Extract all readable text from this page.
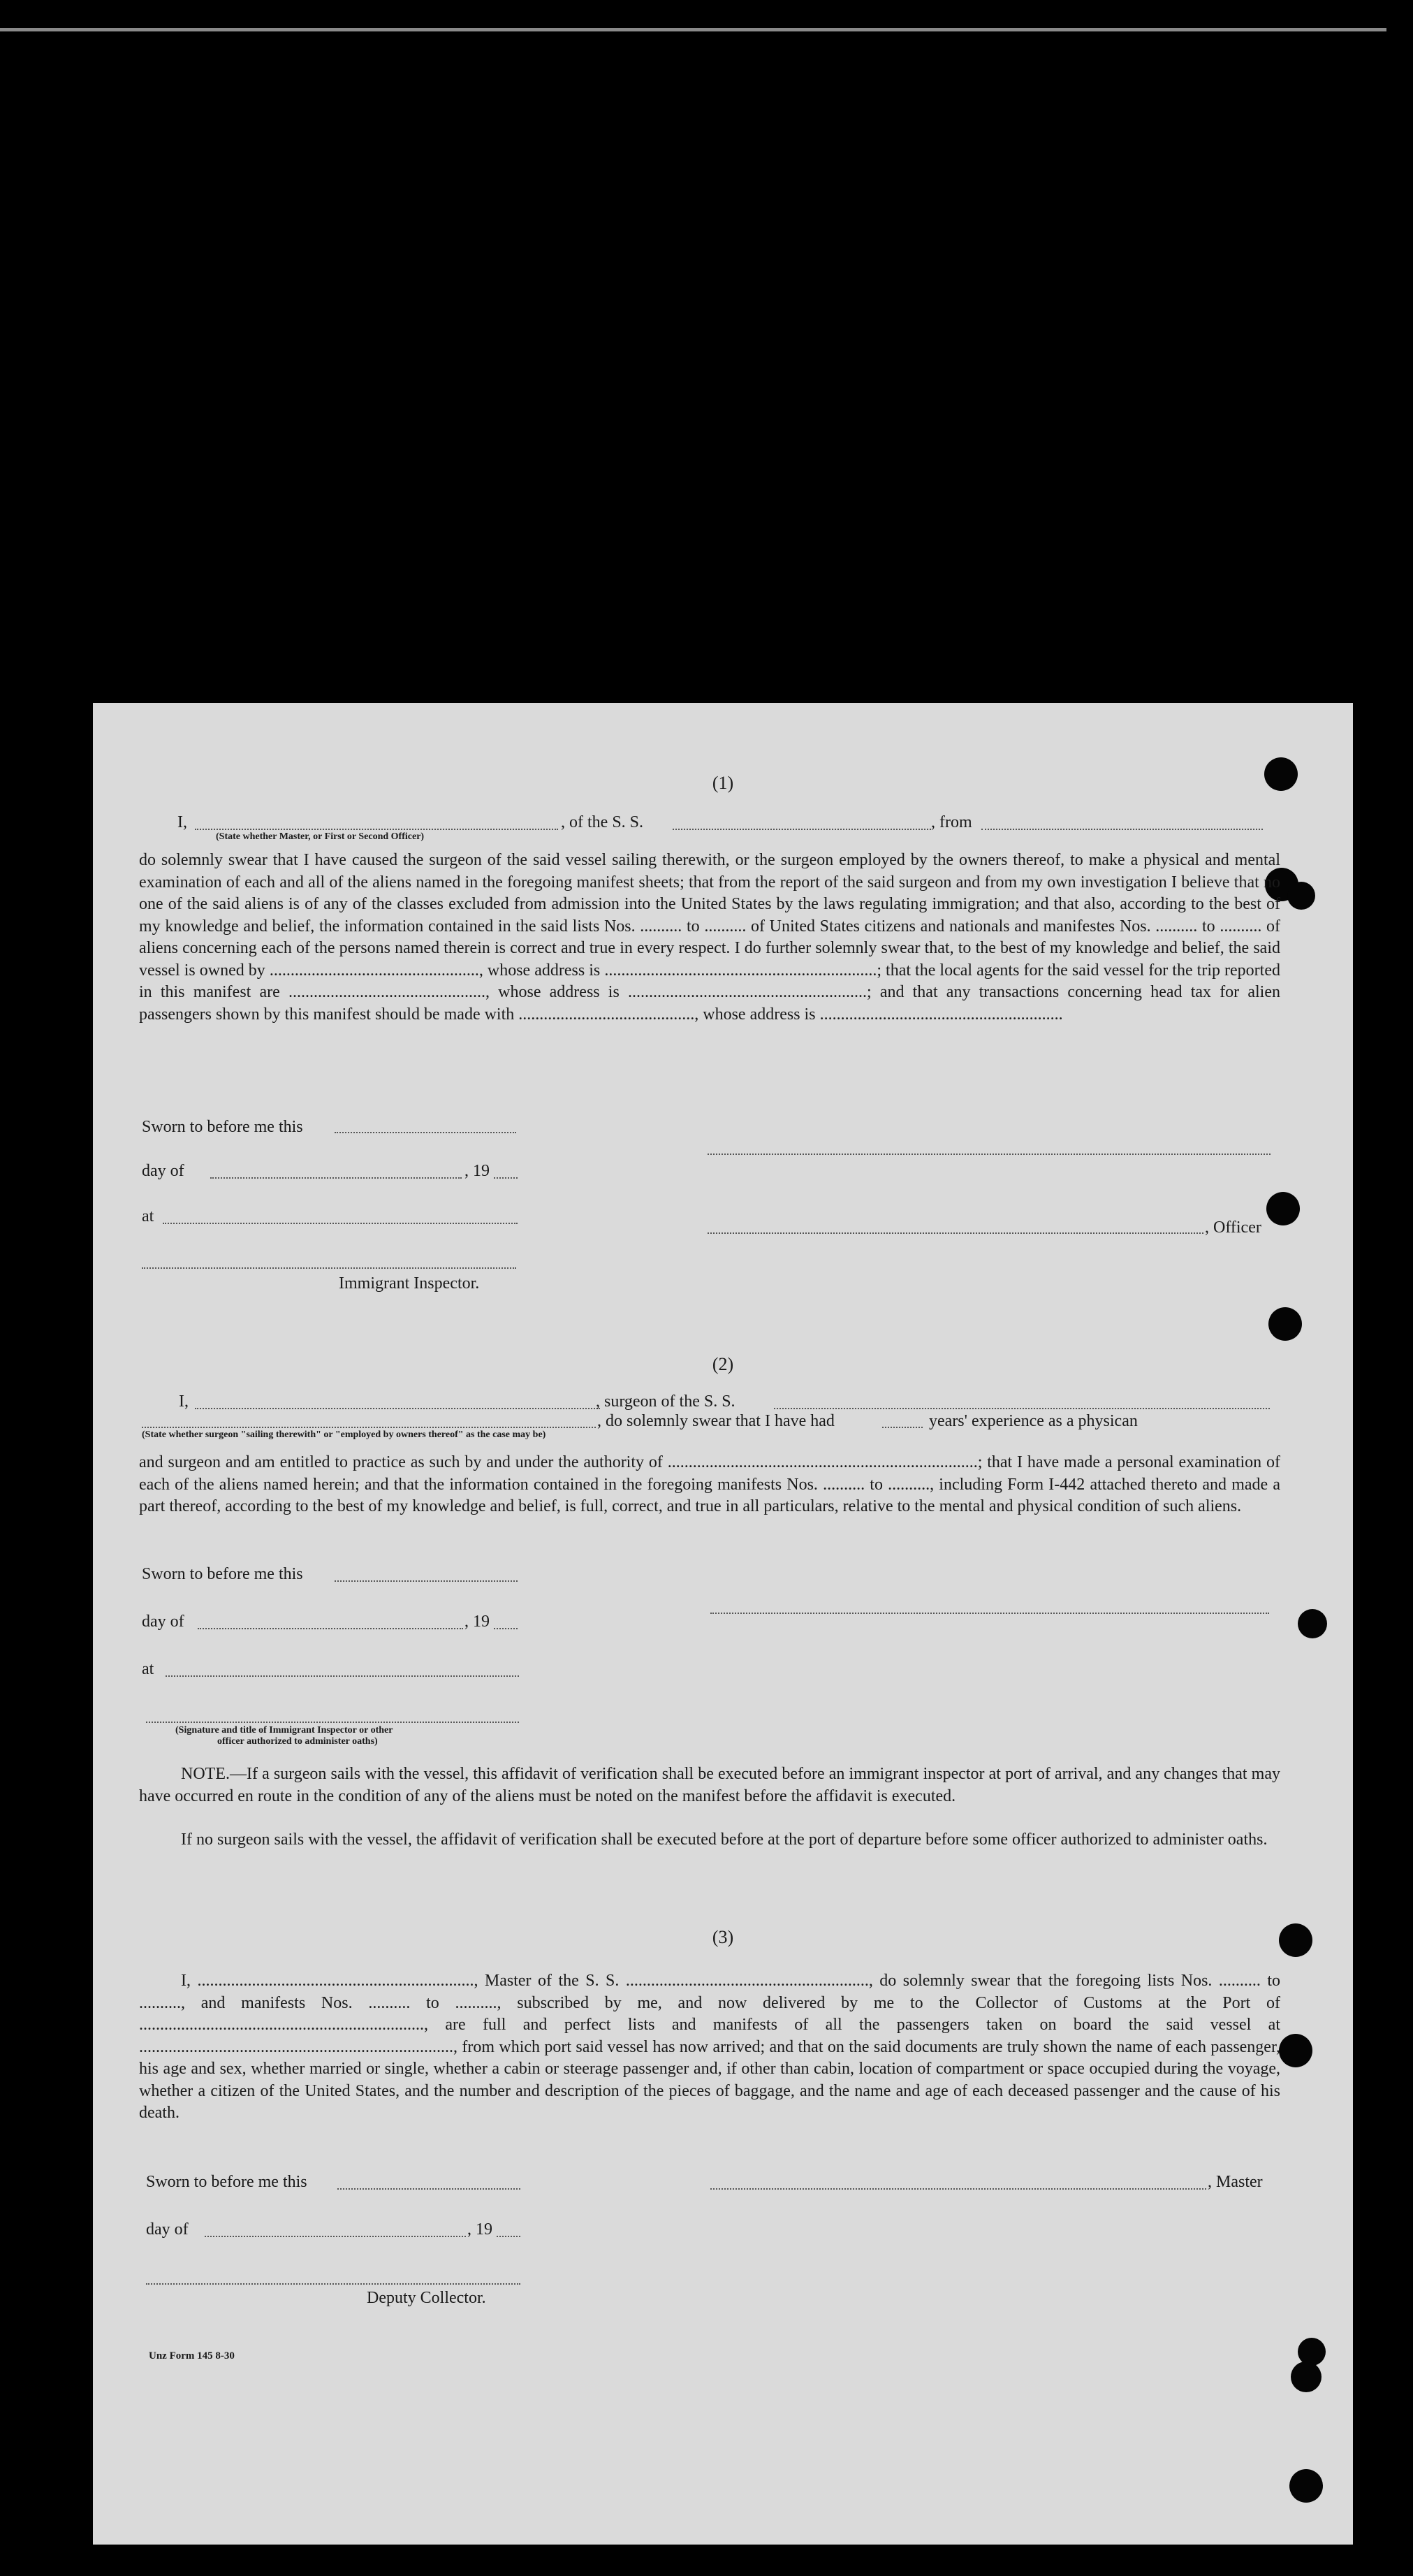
(1)
I,
(State whether Master, or First or Second Officer)
, of the S. S.	, from
do solemnly swear that I have caused the surgeon of the said vessel sailing therewith, or the surgeon employed by the owners thereof, to make a physical and mental examination of each and all of the aliens named in the foregoing manifest sheets; that from the report of the said surgeon and from my own investigation I believe that no one of the said aliens is of any of the classes excluded from admission into the United States by the laws regulating immigration; and that also, according to the best of my knowledge and belief, the information contained in the said lists Nos. .......... to .......... of United States citizens and nationals and manifestes Nos. .......... to .......... of aliens concerning each of the persons named therein is correct and true in every respect. I do further solemnly swear that, to the best of my knowledge and belief, the said vessel is owned by .................................................., whose address is .................................................................; that the local agents for the said vessel for the trip reported in this manifest are ..............................................., whose address is .........................................................; and that any transactions concerning head tax for alien passengers shown by this manifest should be made with .........................................., whose address is ..........................................................
Sworn to before me this
day of	, 19
at
, Officer
Immigrant Inspector.
(2)
I,	, surgeon of the S. S.
, do solemnly swear that I have had	years' experience as a physican
(State whether surgeon "sailing therewith" or "employed by owners thereof" as the case may be)
and surgeon and am entitled to practice as such by and under the authority of ..........................................................................; that I have made a personal examination of each of the aliens named herein; and that the information contained in the foregoing manifests Nos. .......... to .........., including Form I-442 attached thereto and made a part thereof, according to the best of my knowledge and belief, is full, correct, and true in all particulars, relative to the mental and physical condition of such aliens.
Sworn to before me this
day of	, 19
at
(Signature and title of Immigrant Inspector or other
officer authorized to administer oaths)
NOTE.—If a surgeon sails with the vessel, this affidavit of verification shall be executed before an immigrant inspector at port of arrival, and any changes that may have occurred en route in the condition of any of the aliens must be noted on the manifest before the affidavit is executed.
If no surgeon sails with the vessel, the affidavit of verification shall be executed before at the port of departure before some officer authorized to administer oaths.
(3)
I, .................................................................., Master of the S. S. .........................................................., do solemnly swear that the foregoing lists Nos. .......... to .........., and manifests Nos. .......... to .........., subscribed by me, and now delivered by me to the Collector of Customs at the Port of ...................................................................., are full and perfect lists and manifests of all the passengers taken on board the said vessel at ..........................................................................., from which port said vessel has now arrived; and that on the said documents are truly shown the name of each passenger, his age and sex, whether married or single, whether a cabin or steerage passenger and, if other than cabin, location of compartment or space occupied during the voyage, whether a citizen of the United States, and the number and description of the pieces of baggage, and the name and age of each deceased passenger and the cause of his death.
Sworn to before me this	, Master
day of	, 19
Deputy Collector.
Unz Form 145 8-30
